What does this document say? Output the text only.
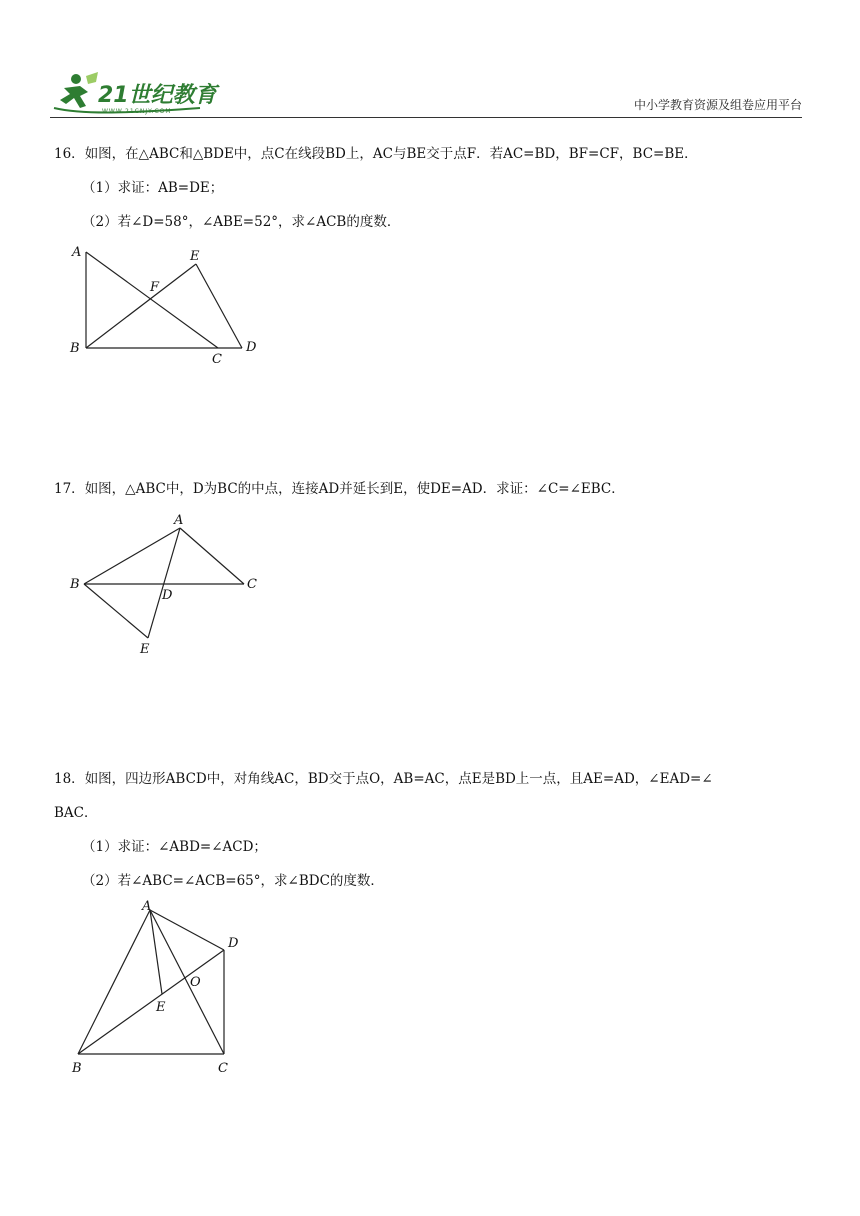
21世纪教育
WWW.21CNJY.COM	中小学教育资源及组卷应用平台
16．如图，在△ABC和△BDE中，点C在线段BD上，AC与BE交于点F．若AC=BD，BF=CF，BC=BE．
（1）求证：AB=DE；
（2）若∠D=58°，∠ABE=52°，求∠ACB的度数．
A	E
F
B
C
D
17．如图，△ABC中，D为BC的中点，连接AD并延长到E，使DE=AD．求证：∠C=∠EBC．
A
B	C
D
E
18．如图，四边形ABCD中，对角线AC，BD交于点O，AB=AC，点E是BD上一点，且AE=AD，∠EAD=∠
BAC．
（1）求证：∠ABD=∠ACD；
（2）若∠ABC=∠ACB=65°，求∠BDC的度数．
A
D
O
E
B	C
